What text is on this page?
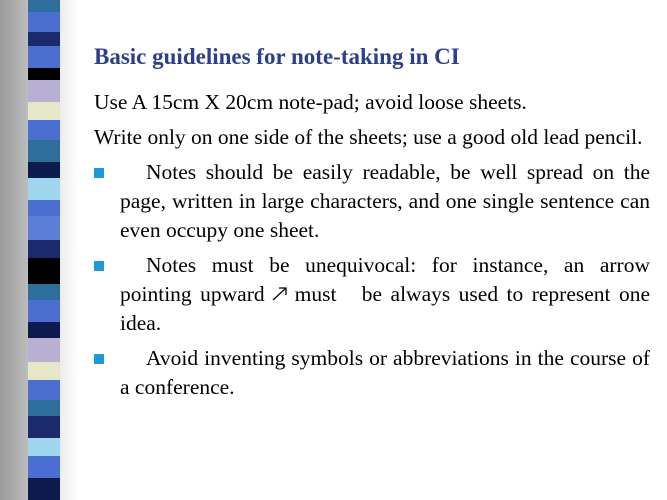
Basic guidelines for note-taking in CI
Use A 15cm X 20cm note-pad; avoid loose sheets.
Write only on one side of the sheets; use a good old lead pencil.
Notes should be easily readable, be well spread on the page, written in large characters, and one single sentence can even occupy one sheet.
Notes must be unequivocal: for instance, an arrow pointing upward must   be always used to represent one idea.
Avoid inventing symbols or abbreviations in the course of a conference.
